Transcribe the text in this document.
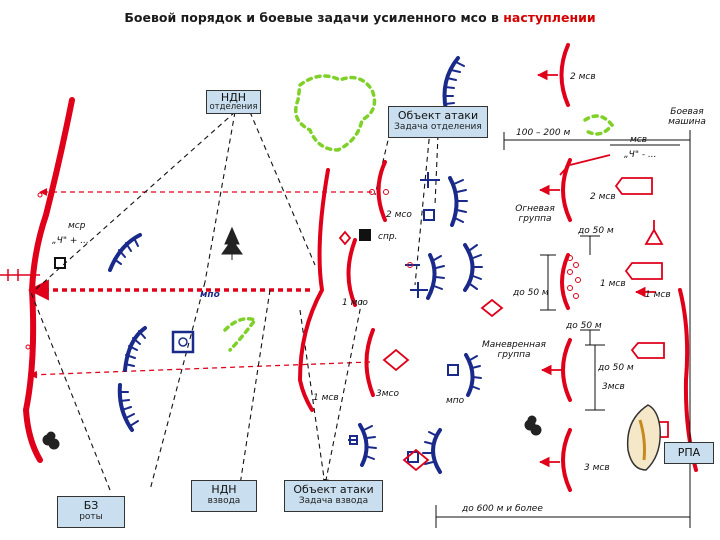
Боевой порядок и боевые задачи усиленного мсо в наступлении
НДН
отделения
Объект атаки
Задача отделения
БЗ
роты
НДН
взвода
Объект атаки
Задача взвода
РПА
2 мсв
Боевая машина
100 – 200 м
мсв
„Ч" - ...
2 мсв
Огневая группа
до 50 м
до 50 м
1 мсв
1 мсв
до 50 м
Маневренная группа
до 50 м
3мсв
3 мсв
2 мсо
спр.
1 мсо
3мсо
1 мсв	мпо
мпо
мср
„Ч" + ...
до 600 м и более
